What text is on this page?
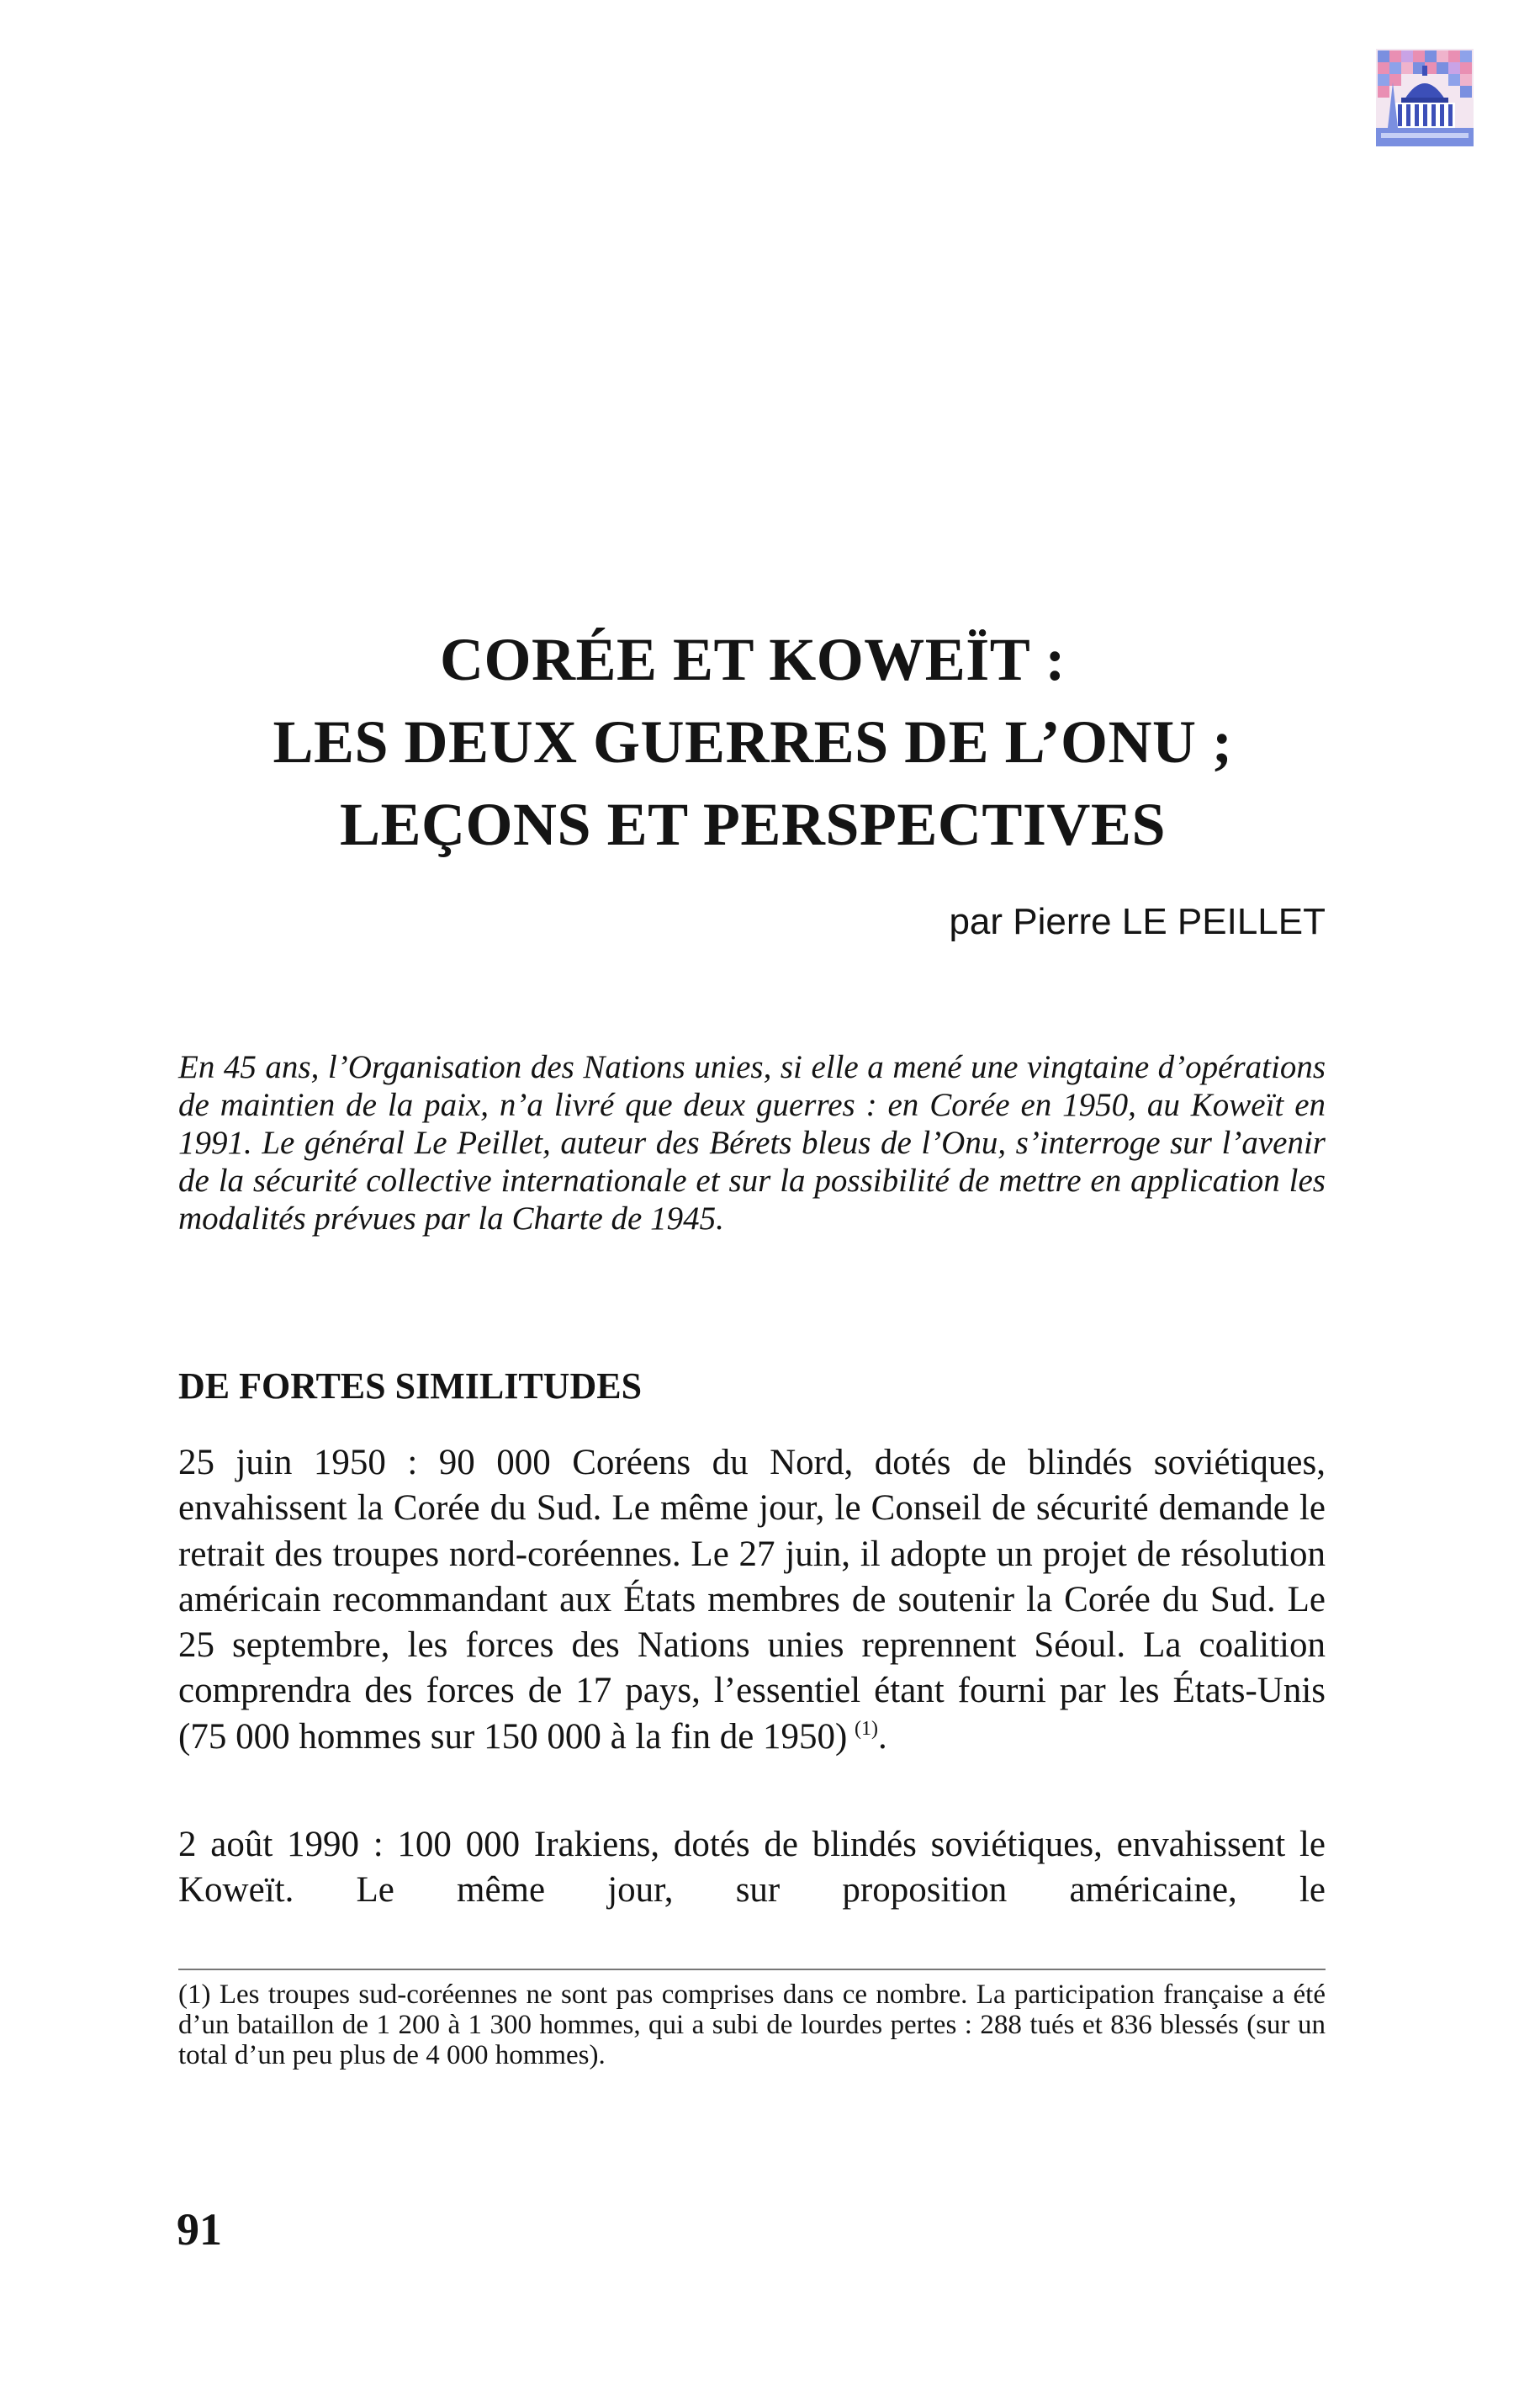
CORÉE ET KOWEÏT :
LES DEUX GUERRES DE L’ONU ;
LEÇONS ET PERSPECTIVES
par Pierre LE PEILLET

En 45 ans, l’Organisation des Nations unies, si elle a mené une vingtaine d’opérations de maintien de la paix, n’a livré que deux guerres : en Corée en 1950, au Koweït en 1991. Le général Le Peillet, auteur des Bérets bleus de l’Onu, s’interroge sur l’avenir de la sécurité collective internationale et sur la possibilité de mettre en application les modalités prévues par la Charte de 1945.

DE FORTES SIMILITUDES

25 juin 1950 : 90 000 Coréens du Nord, dotés de blindés soviétiques, envahissent la Corée du Sud. Le même jour, le Conseil de sécurité demande le retrait des troupes nord-coréennes. Le 27 juin, il adopte un projet de résolution américain recommandant aux États membres de soutenir la Corée du Sud. Le 25 septembre, les forces des Nations unies reprennent Séoul. La coalition comprendra des forces de 17 pays, l’essentiel étant fourni par les États-Unis (75 000 hommes sur 150 000 à la fin de 1950)  $^{(1)}$.

2 août 1990 : 100 000 Irakiens, dotés de blindés soviétiques, envahissent le Koweït. Le même jour, sur proposition américaine, le

(1) Les troupes sud-coréennes ne sont pas comprises dans ce nombre. La participation française a été d’un bataillon de 1 200 à 1 300 hommes, qui a subi de lourdes pertes : 288 tués et 836 blessés (sur un total d’un peu plus de 4 000 hommes).

91
